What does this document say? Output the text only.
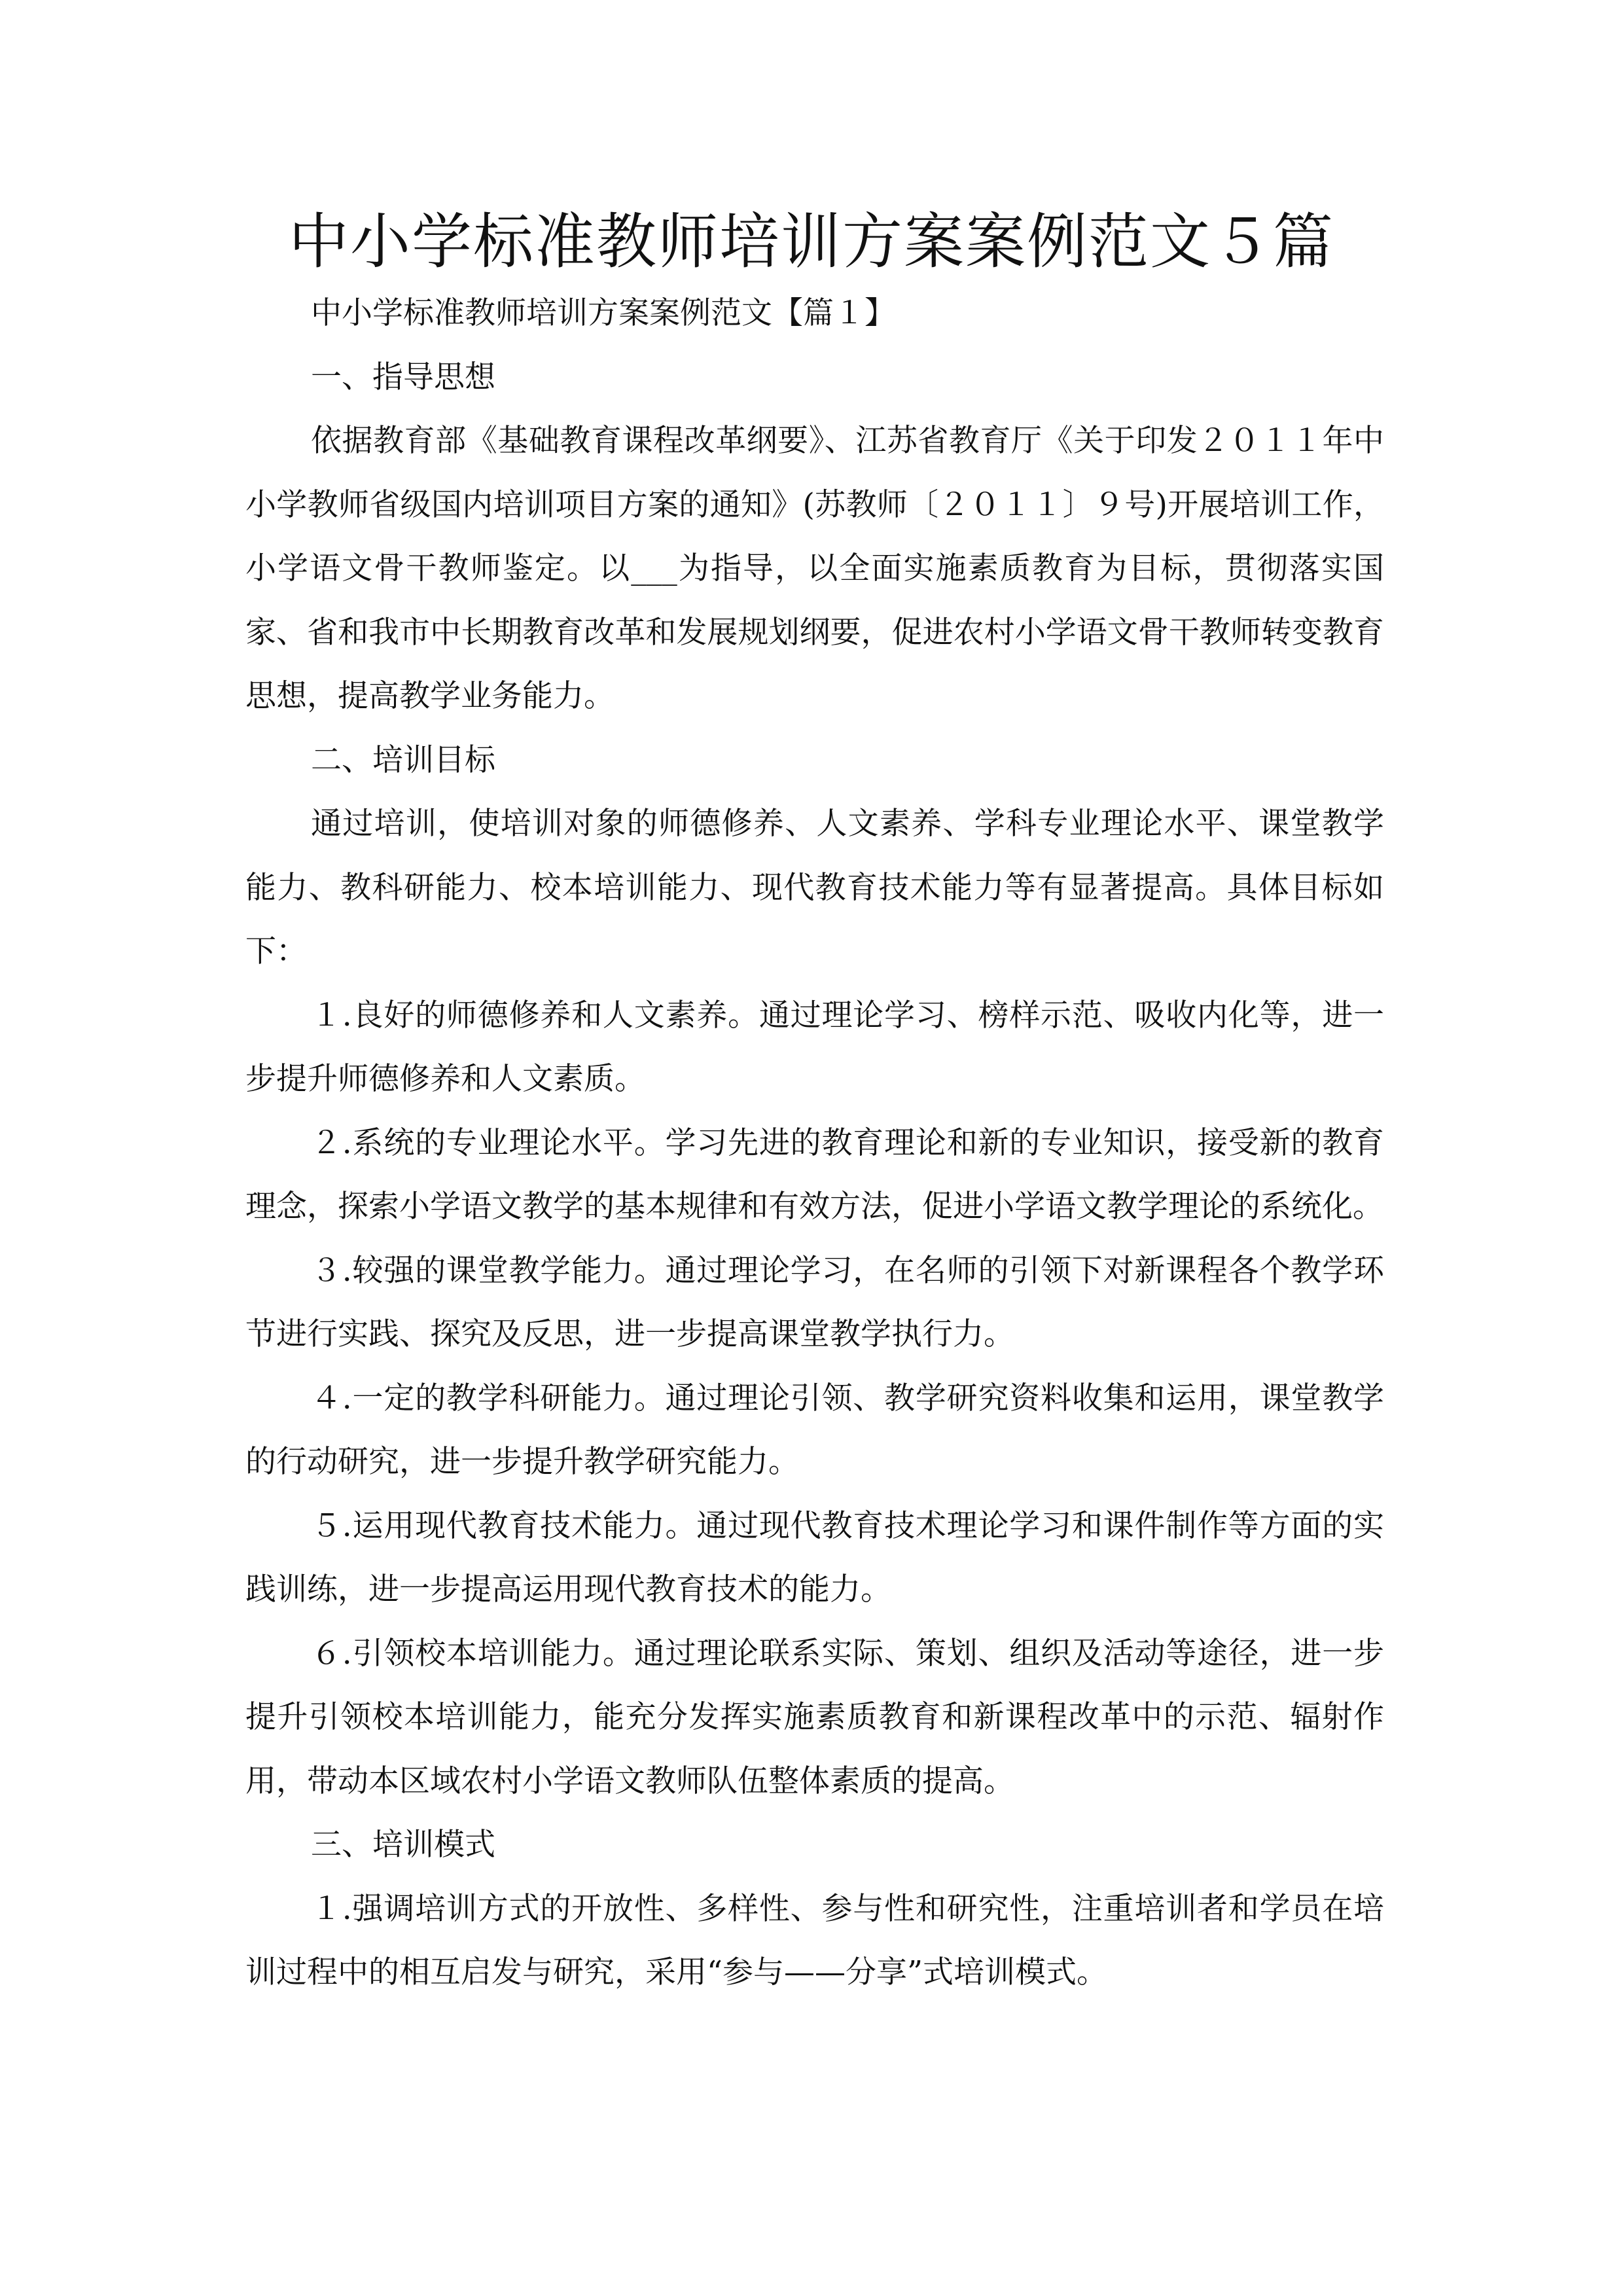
中小学标准教师培训方案案例范文５篇

中小学标准教师培训方案案例范文【篇１】

一、指导思想

依据教育部《基础教育课程改革纲要》、江苏省教育厅《关于印发２０１１年中小学教师省级国内培训项目方案的通知》(苏教师〔２０１１〕９号)开展培训工作，小学语文骨干教师鉴定。以___为指导，以全面实施素质教育为目标，贯彻落实国家、省和我市中长期教育改革和发展规划纲要，促进农村小学语文骨干教师转变教育思想，提高教学业务能力。

二、培训目标

通过培训，使培训对象的师德修养、人文素养、学科专业理论水平、课堂教学能力、教科研能力、校本培训能力、现代教育技术能力等有显著提高。具体目标如下：

１.良好的师德修养和人文素养。通过理论学习、榜样示范、吸收内化等，进一步提升师德修养和人文素质。

２.系统的专业理论水平。学习先进的教育理论和新的专业知识，接受新的教育理念，探索小学语文教学的基本规律和有效方法，促进小学语文教学理论的系统化。

３.较强的课堂教学能力。通过理论学习，在名师的引领下对新课程各个教学环节进行实践、探究及反思，进一步提高课堂教学执行力。

４.一定的教学科研能力。通过理论引领、教学研究资料收集和运用，课堂教学的行动研究，进一步提升教学研究能力。

５.运用现代教育技术能力。通过现代教育技术理论学习和课件制作等方面的实践训练，进一步提高运用现代教育技术的能力。

６.引领校本培训能力。通过理论联系实际、策划、组织及活动等途径，进一步提升引领校本培训能力，能充分发挥实施素质教育和新课程改革中的示范、辐射作用，带动本区域农村小学语文教师队伍整体素质的提高。

三、培训模式

１.强调培训方式的开放性、多样性、参与性和研究性，注重培训者和学员在培训过程中的相互启发与研究，采用“参与——分享”式培训模式。
